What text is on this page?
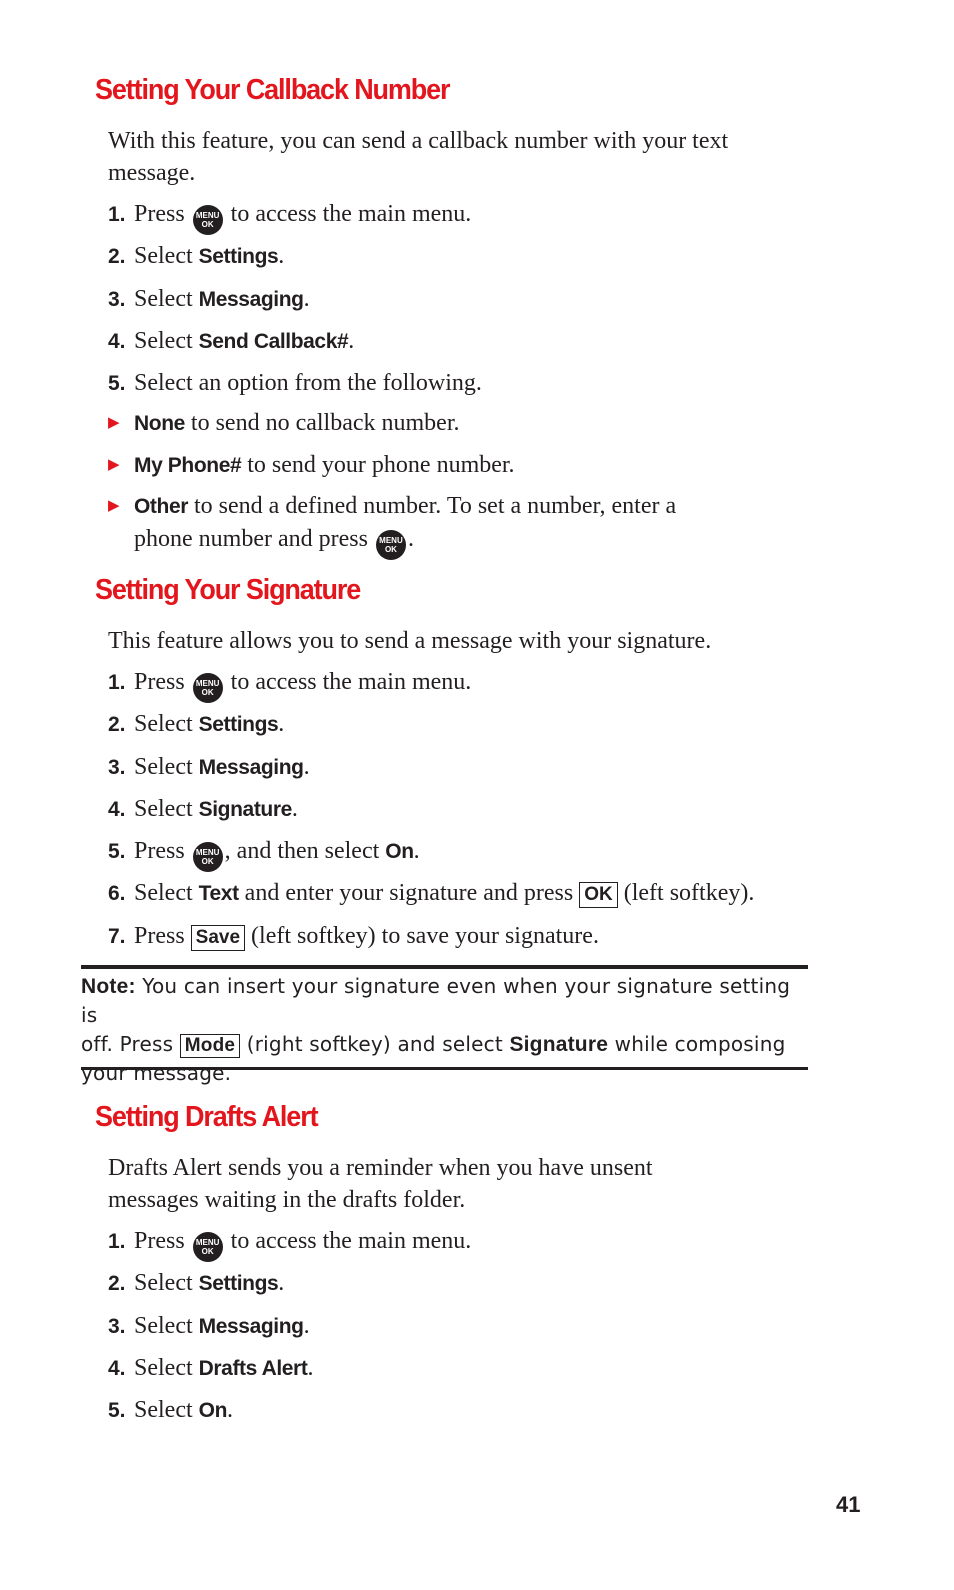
Setting Your Callback Number

With this feature, you can send a callback number with your text
message.

1. Press MENU
OK to access the main menu.

2. Select Settings.

3. Select Messaging.

4. Select Send Callback#.

5. Select an option from the following.

▶ None to send no callback number.

▶ My Phone# to send your phone number.

▶ Other to send a defined number. To set a number, enter a
phone number and press MENU
OK .

Setting Your Signature

This feature allows you to send a message with your signature.

1. Press MENU
OK to access the main menu.

2. Select Settings.

3. Select Messaging.

4. Select Signature.

5. Press MENU
OK , and then select On.

6. Select Text and enter your signature and press OK (left softkey).

7. Press Save (left softkey) to save your signature.

Note: You can insert your signature even when your signature setting is
off. Press Mode (right softkey) and select Signature while composing
your message.
Setting Drafts Alert

Drafts Alert sends you a reminder when you have unsent
messages waiting in the drafts folder.

1. Press MENU
OK to access the main menu.

2. Select Settings.

3. Select Messaging.

4. Select Drafts Alert.

5. Select On.

41
